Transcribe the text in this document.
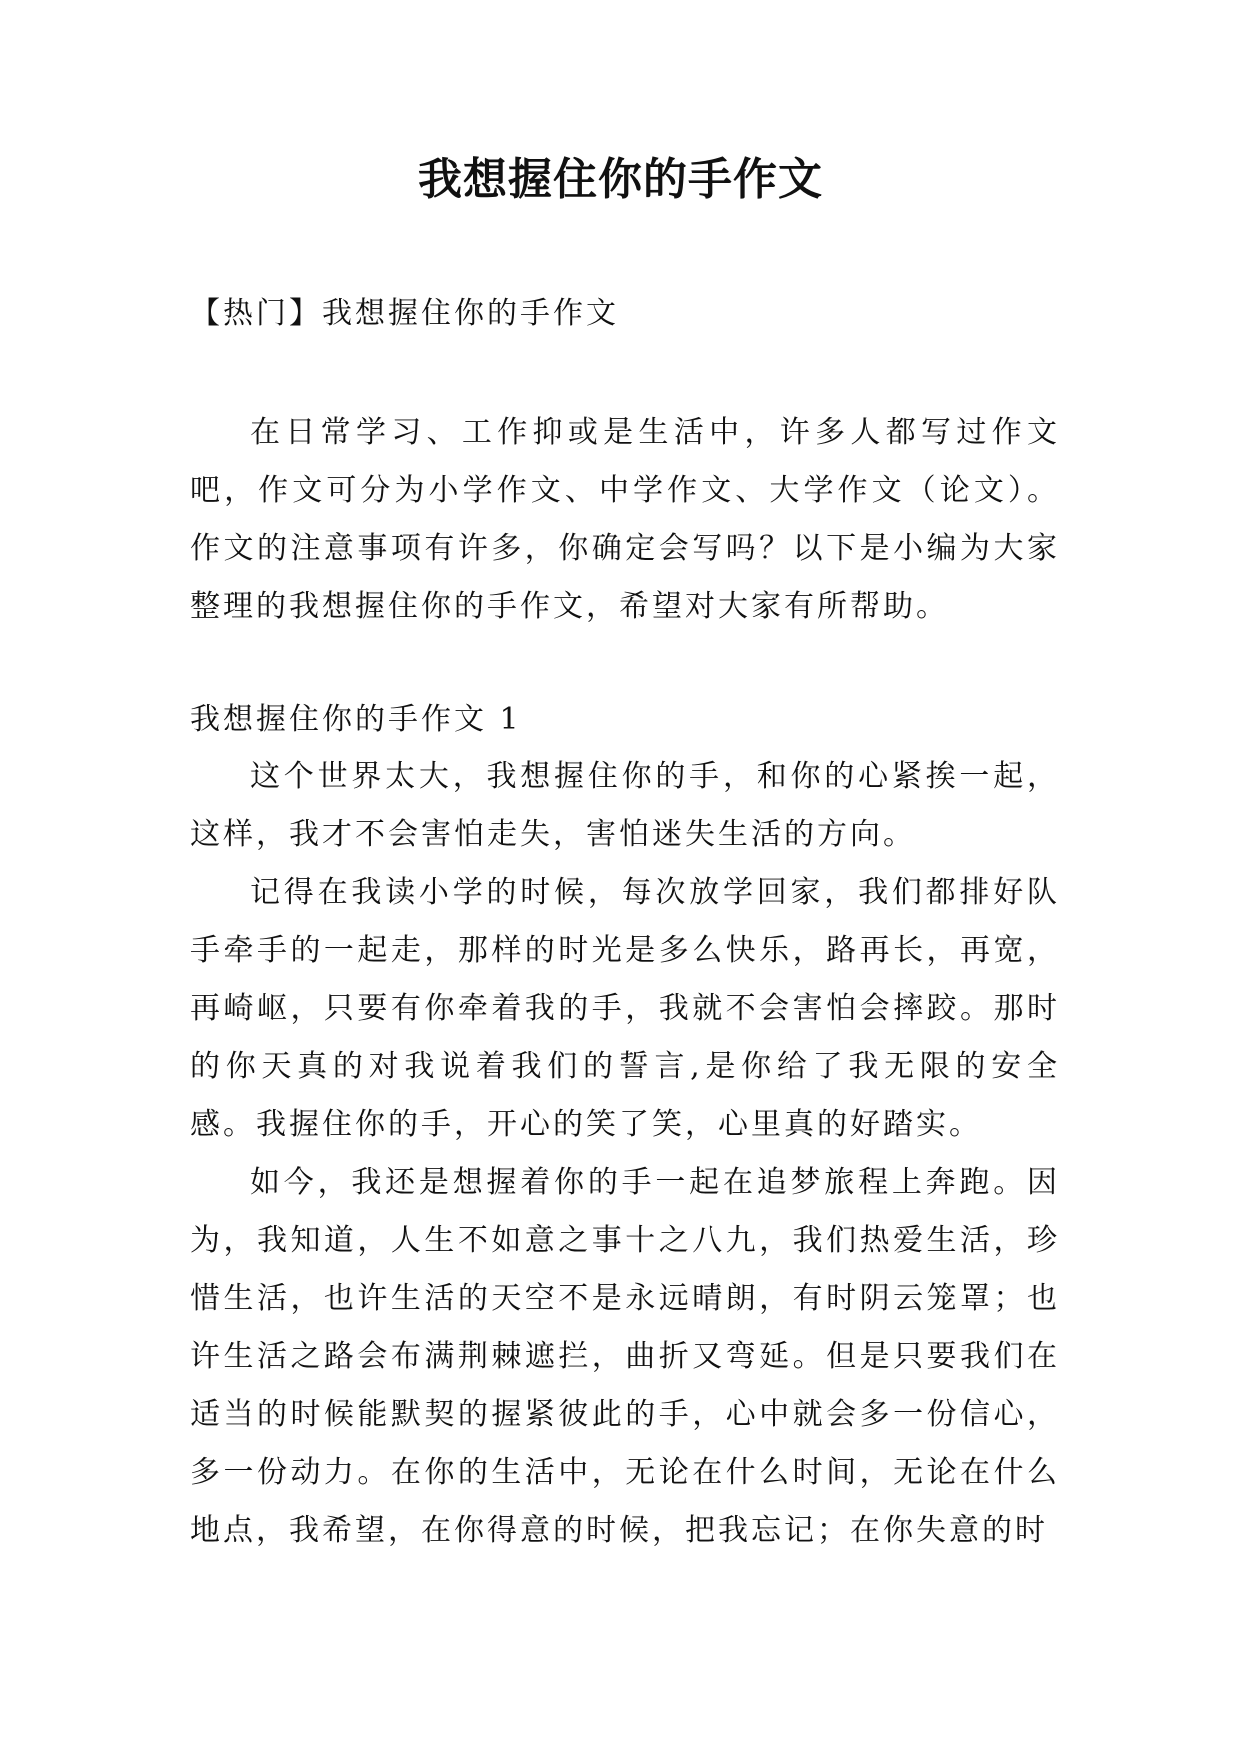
我想握住你的手作文
【热门】我想握住你的手作文

在日常学习、工作抑或是生活中，许多人都写过作文吧，作文可分为小学作文、中学作文、大学作文（论文）。作文的注意事项有许多，你确定会写吗？以下是小编为大家整理的我想握住你的手作文，希望对大家有所帮助。

我想握住你的手作文 1

这个世界太大，我想握住你的手，和你的心紧挨一起，这样，我才不会害怕走失，害怕迷失生活的方向。

记得在我读小学的时候，每次放学回家，我们都排好队手牵手的一起走，那样的时光是多么快乐，路再长，再宽，再崎岖，只要有你牵着我的手，我就不会害怕会摔跤。那时的你天真的对我说着我们的誓言,是你给了我无限的安全感。我握住你的手，开心的笑了笑，心里真的好踏实。

如今，我还是想握着你的手一起在追梦旅程上奔跑。因为，我知道，人生不如意之事十之八九，我们热爱生活，珍惜生活，也许生活的天空不是永远晴朗，有时阴云笼罩；也许生活之路会布满荆棘遮拦，曲折又弯延。但是只要我们在适当的时候能默契的握紧彼此的手，心中就会多一份信心，多一份动力。在你的生活中，无论在什么时间，无论在什么地点，我希望，在你得意的时候，把我忘记；在你失意的时
